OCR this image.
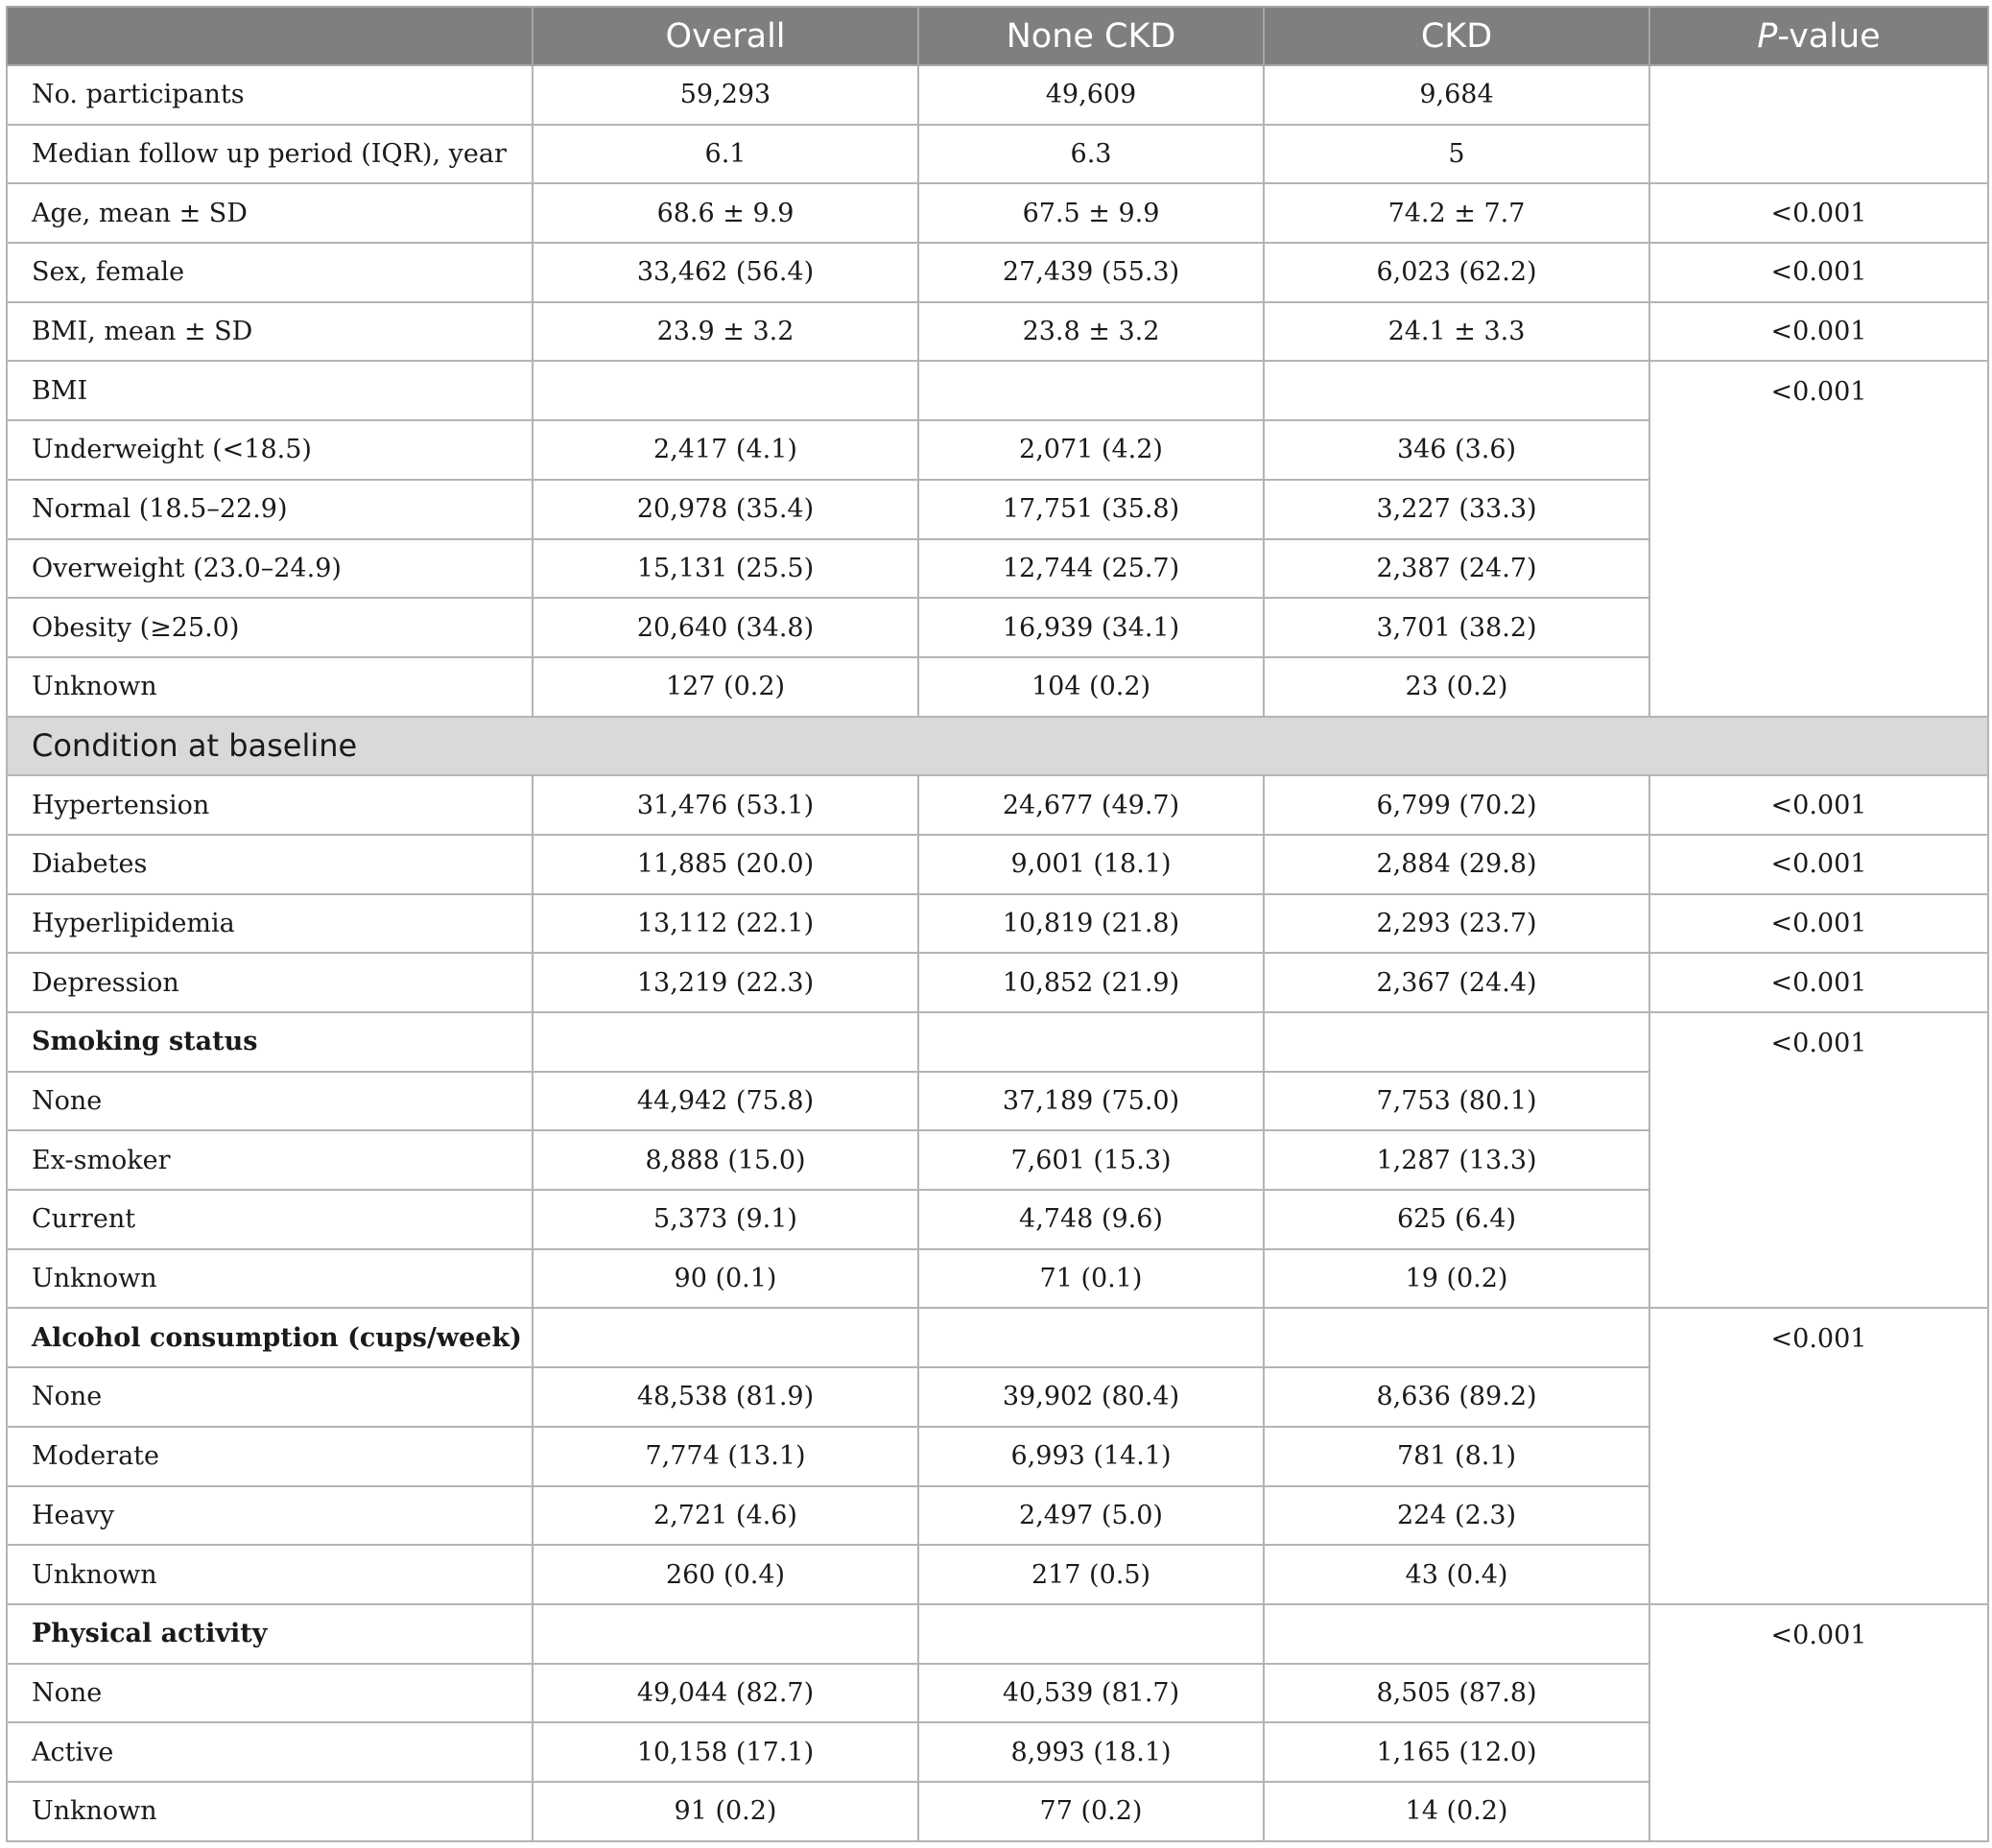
	Overall	None CKD	CKD	P-value
No. participants	59,293	49,609	9,684	
Median follow up period (IQR), year	6.1	6.3	5	
Age, mean ± SD	68.6 ± 9.9	67.5 ± 9.9	74.2 ± 7.7	<0.001
Sex, female	33,462 (56.4)	27,439 (55.3)	6,023 (62.2)	<0.001
BMI, mean ± SD	23.9 ± 3.2	23.8 ± 3.2	24.1 ± 3.3	<0.001
BMI				<0.001
Underweight (<18.5)	2,417 (4.1)	2,071 (4.2)	346 (3.6)	
Normal (18.5–22.9)	20,978 (35.4)	17,751 (35.8)	3,227 (33.3)	
Overweight (23.0–24.9)	15,131 (25.5)	12,744 (25.7)	2,387 (24.7)	
Obesity (≥25.0)	20,640 (34.8)	16,939 (34.1)	3,701 (38.2)	
Unknown	127 (0.2)	104 (0.2)	23 (0.2)	
Condition at baseline				
Hypertension	31,476 (53.1)	24,677 (49.7)	6,799 (70.2)	<0.001
Diabetes	11,885 (20.0)	9,001 (18.1)	2,884 (29.8)	<0.001
Hyperlipidemia	13,112 (22.1)	10,819 (21.8)	2,293 (23.7)	<0.001
Depression	13,219 (22.3)	10,852 (21.9)	2,367 (24.4)	<0.001
Smoking status				<0.001
None	44,942 (75.8)	37,189 (75.0)	7,753 (80.1)	
Ex-smoker	8,888 (15.0)	7,601 (15.3)	1,287 (13.3)	
Current	5,373 (9.1)	4,748 (9.6)	625 (6.4)	
Unknown	90 (0.1)	71 (0.1)	19 (0.2)	
Alcohol consumption (cups/week)				<0.001
None	48,538 (81.9)	39,902 (80.4)	8,636 (89.2)	
Moderate	7,774 (13.1)	6,993 (14.1)	781 (8.1)	
Heavy	2,721 (4.6)	2,497 (5.0)	224 (2.3)	
Unknown	260 (0.4)	217 (0.5)	43 (0.4)	
Physical activity				<0.001
None	49,044 (82.7)	40,539 (81.7)	8,505 (87.8)	
Active	10,158 (17.1)	8,993 (18.1)	1,165 (12.0)	
Unknown	91 (0.2)	77 (0.2)	14 (0.2)	
